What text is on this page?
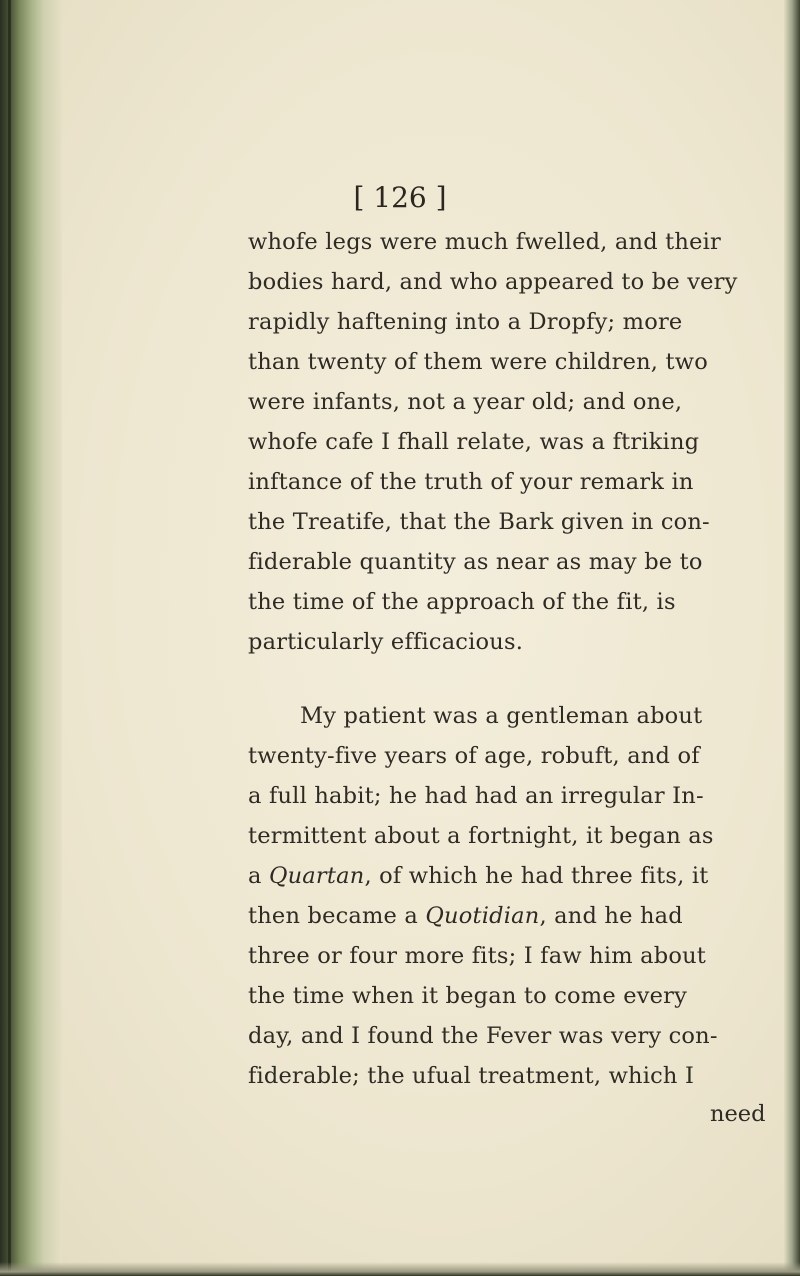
[ 126 ]
whofe legs were much fwelled, and their
bodies hard, and who appeared to be very
rapidly haftening into a Dropfy; more
than twenty of them were children, two
were infants, not a year old; and one,
whofe cafe I fhall relate, was a ftriking
inftance of the truth of your remark in
the Treatife, that the Bark given in con-
fiderable quantity as near as may be to
the time of the approach of the fit, is
particularly efficacious.
My patient was a gentleman about
twenty-five years of age, robuft, and of
a full habit; he had had an irregular In-
termittent about a fortnight, it began as
a Quartan, of which he had three fits, it
then became a Quotidian, and he had
three or four more fits; I faw him about
the time when it began to come every
day, and I found the Fever was very con-
fiderable; the ufual treatment, which I
need
